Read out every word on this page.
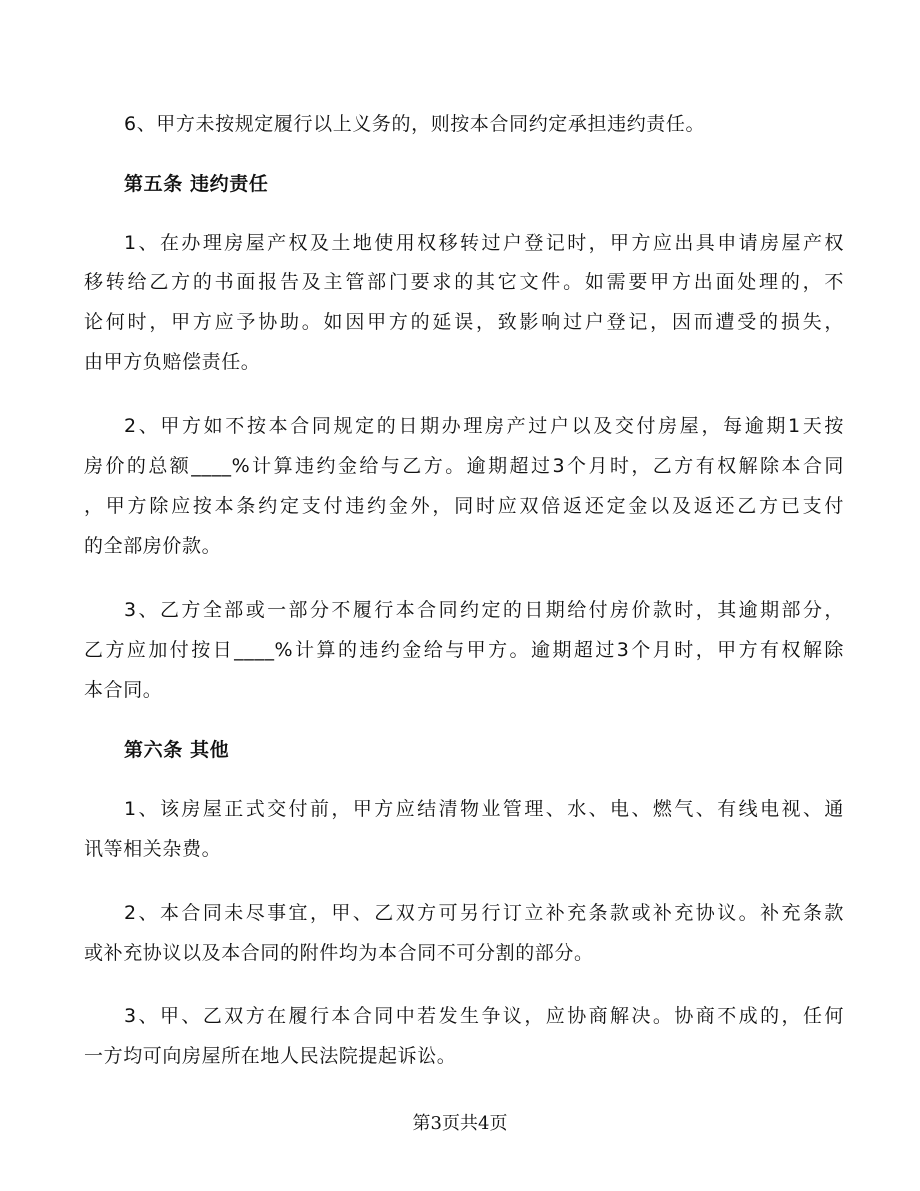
6、甲方未按规定履行以上义务的，则按本合同约定承担违约责任。
第五条 违约责任
1、在办理房屋产权及土地使用权移转过户登记时，甲方应出具申请房屋产权
移转给乙方的书面报告及主管部门要求的其它文件。如需要甲方出面处理的，不
论何时，甲方应予协助。如因甲方的延误，致影响过户登记，因而遭受的损失，
由甲方负赔偿责任。
2、甲方如不按本合同规定的日期办理房产过户以及交付房屋，每逾期1天按
房价的总额____%计算违约金给与乙方。逾期超过3个月时，乙方有权解除本合同
，甲方除应按本条约定支付违约金外，同时应双倍返还定金以及返还乙方已支付
的全部房价款。
3、乙方全部或一部分不履行本合同约定的日期给付房价款时，其逾期部分，
乙方应加付按日____%计算的违约金给与甲方。逾期超过3个月时，甲方有权解除
本合同。
第六条 其他
1、该房屋正式交付前，甲方应结清物业管理、水、电、燃气、有线电视、通
讯等相关杂费。
2、本合同未尽事宜，甲、乙双方可另行订立补充条款或补充协议。补充条款
或补充协议以及本合同的附件均为本合同不可分割的部分。
3、甲、乙双方在履行本合同中若发生争议，应协商解决。协商不成的，任何
一方均可向房屋所在地人民法院提起诉讼。
第3页共4页
